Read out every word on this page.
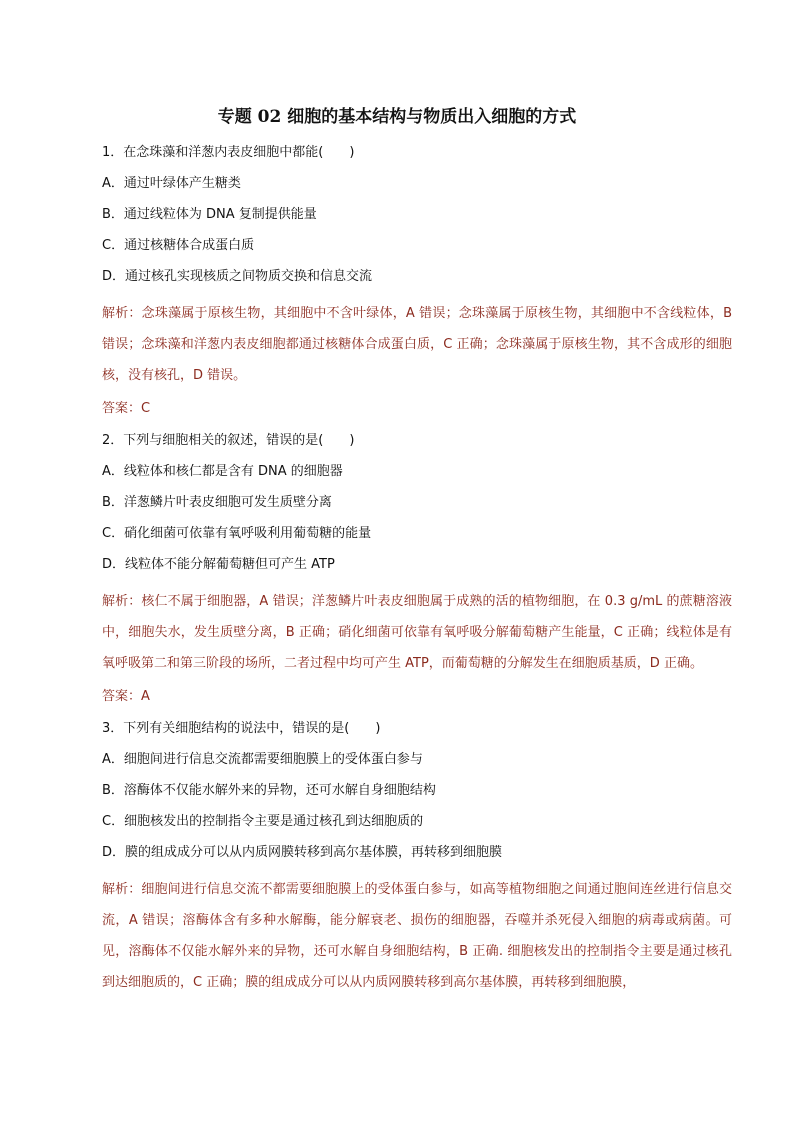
专题 02 细胞的基本结构与物质出入细胞的方式

1．在念珠藻和洋葱内表皮细胞中都能(　　)

A．通过叶绿体产生糖类

B．通过线粒体为 DNA 复制提供能量

C．通过核糖体合成蛋白质

D．通过核孔实现核质之间物质交换和信息交流

解析：念珠藻属于原核生物，其细胞中不含叶绿体，A 错误；念珠藻属于原核生物，其细胞中不含线粒体，B 错误；念珠藻和洋葱内表皮细胞都通过核糖体合成蛋白质，C 正确；念珠藻属于原核生物，其不含成形的细胞核，没有核孔，D 错误。

答案：C

2．下列与细胞相关的叙述，错误的是(　　)

A．线粒体和核仁都是含有 DNA 的细胞器

B．洋葱鳞片叶表皮细胞可发生质壁分离

C．硝化细菌可依靠有氧呼吸利用葡萄糖的能量

D．线粒体不能分解葡萄糖但可产生 ATP

解析：核仁不属于细胞器，A 错误；洋葱鳞片叶表皮细胞属于成熟的活的植物细胞，在 0.3 g/mL 的蔗糖溶液中，细胞失水，发生质壁分离，B 正确；硝化细菌可依靠有氧呼吸分解葡萄糖产生能量，C 正确；线粒体是有氧呼吸第二和第三阶段的场所，二者过程中均可产生 ATP，而葡萄糖的分解发生在细胞质基质，D 正确。

答案：A

3．下列有关细胞结构的说法中，错误的是(　　)

A．细胞间进行信息交流都需要细胞膜上的受体蛋白参与

B．溶酶体不仅能水解外来的异物，还可水解自身细胞结构

C．细胞核发出的控制指令主要是通过核孔到达细胞质的

D．膜的组成成分可以从内质网膜转移到高尔基体膜，再转移到细胞膜

解析：细胞间进行信息交流不都需要细胞膜上的受体蛋白参与，如高等植物细胞之间通过胞间连丝进行信息交流，A 错误；溶酶体含有多种水解酶，能分解衰老、损伤的细胞器，吞噬并杀死侵入细胞的病毒或病菌。可见，溶酶体不仅能水解外来的异物，还可水解自身细胞结构，B 正确. 细胞核发出的控制指令主要是通过核孔到达细胞质的，C 正确；膜的组成成分可以从内质网膜转移到高尔基体膜，再转移到细胞膜，
